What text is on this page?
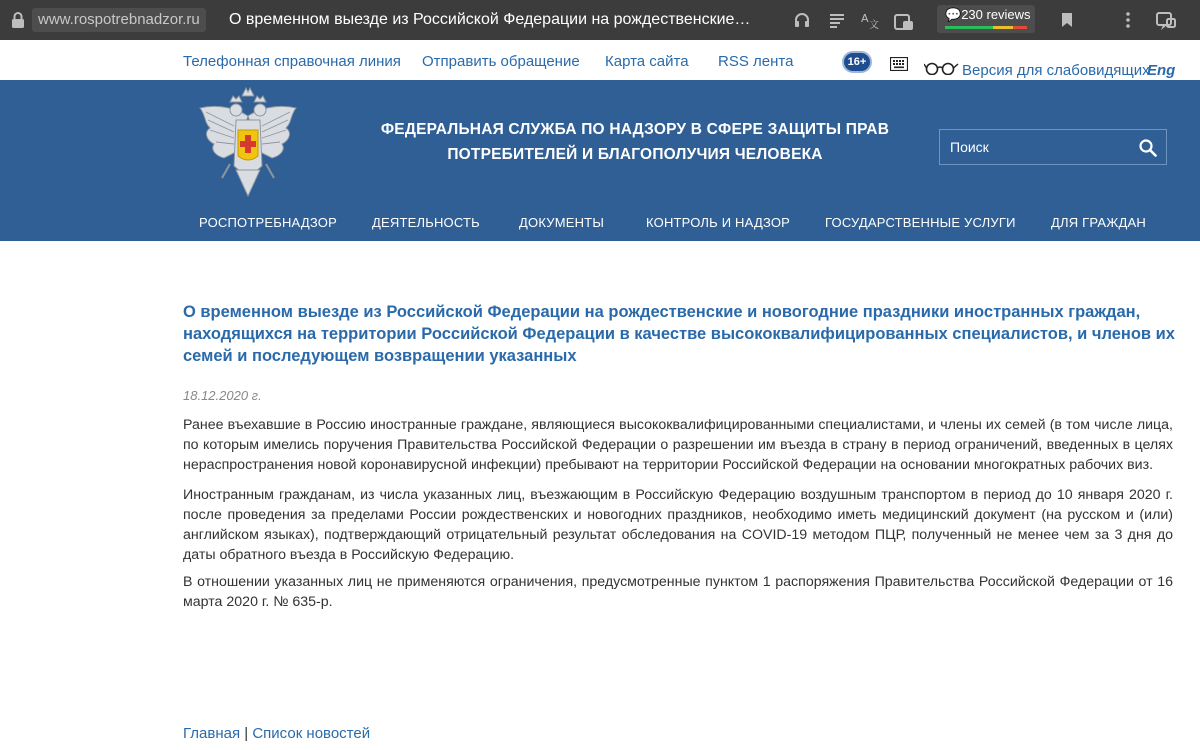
www.rospotrebnadzor.ru	О временном выезде из Российской Федерации на рождественские…	A
文
💬230 reviews
Телефонная справочная линия Отправить обращение Карта сайта RSS лента	16+	Версия для слабовидящих
Eng
ФЕДЕРАЛЬНАЯ СЛУЖБА ПО НАДЗОРУ В СФЕРЕ ЗАЩИТЫ ПРАВ
ПОТРЕБИТЕЛЕЙ И БЛАГОПОЛУЧИЯ ЧЕЛОВЕКА
Поиск
РОСПОТРЕБНАДЗОР	ДЕЯТЕЛЬНОСТЬ	ДОКУМЕНТЫ	КОНТРОЛЬ И НАДЗОР	ГОСУДАРСТВЕННЫЕ УСЛУГИ	ДЛЯ ГРАЖДАН
О временном выезде из Российской Федерации на рождественские и новогодние праздники иностранных граждан, находящихся на территории Российской Федерации в качестве высококвалифицированных специалистов, и членов их семей и последующем возвращении указанных
18.12.2020 г.

Ранее въехавшие в Россию иностранные граждане, являющиеся высококвалифицированными специалистами, и члены их семей (в том числе лица, по которым имелись поручения Правительства Российской Федерации о разрешении им въезда в страну в период ограничений, введенных в целях нераспространения новой коронавирусной инфекции) пребывают на территории Российской Федерации на основании многократных рабочих виз.

Иностранным гражданам, из числа указанных лиц, въезжающим в Российскую Федерацию воздушным транспортом в период до 10 января 2020 г. после проведения за пределами России рождественских и новогодних праздников, необходимо иметь медицинский документ (на русском и (или) английском языках), подтверждающий отрицательный результат обследования на COVID-19 методом ПЦР, полученный не менее чем за 3 дня до даты обратного въезда в Российскую Федерацию.

В отношении указанных лиц не применяются ограничения, предусмотренные пунктом 1 распоряжения Правительства Российской Федерации от 16 марта 2020 г. № 635-р.

Главная | Список новостей
